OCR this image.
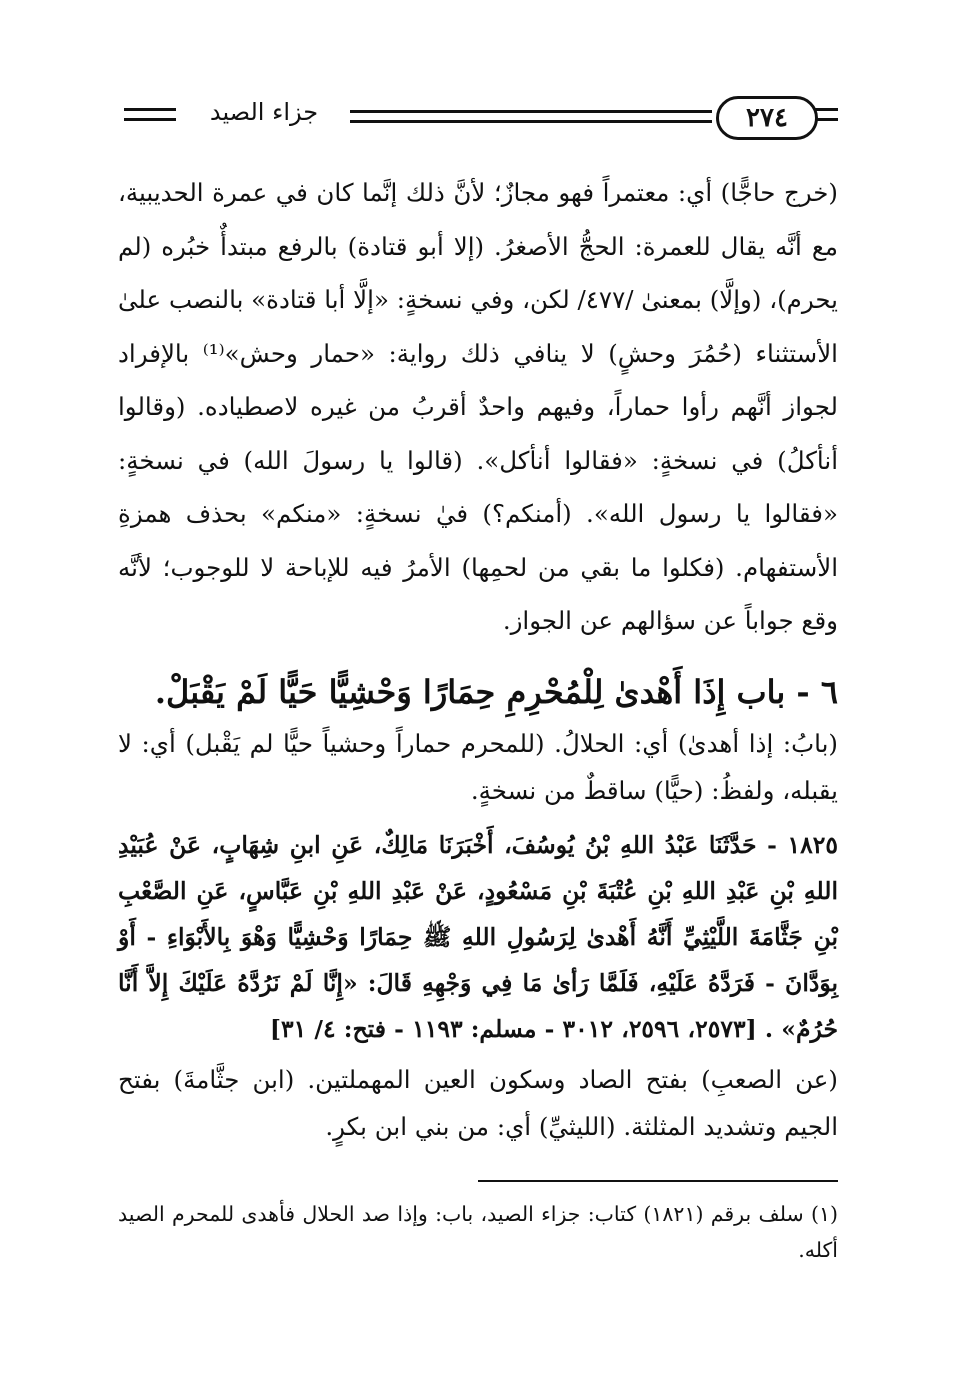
جزاء الصيد	٢٧٤
(خرج حاجًّا) أي: معتمراً فهو مجازٌ؛ لأنَّ ذلك إنَّما كان في عمرة الحديبية، مع أنَّه يقال للعمرة: الحجُّ الأصغرُ. (إلا أبو قتادة) بالرفع مبتدأٌ خبُره (لم يحرم)، (وإلَّا) بمعنىٰ /٤٧٧/ لكن، وفي نسخةٍ: «إلَّا أبا قتادة» بالنصب علىٰ الأستثناء (حُمُرَ وحشٍ) لا ينافي ذلك رواية: «حمار وحش»⁽¹⁾ بالإفراد لجواز أنَّهم رأوا حماراً، وفيهم واحدٌ أقربُ من غيره لاصطياده. (وقالوا أنأكلُ) في نسخةٍ: «فقالوا أنأكل». (قالوا يا رسولَ الله) في نسخةٍ: «فقالوا يا رسول الله». (أمنكم؟) فيٰ نسخةٍ: «منكم» بحذف همزةِ الأستفهام. (فكلوا ما بقي من لحمِها) الأمرُ فيه للإباحة لا للوجوب؛ لأنَّه وقع جواباً عن سؤالهم عن الجواز.
٦ - باب إِذَا أَهْدىٰ لِلْمُحْرِمِ حِمَارًا وَحْشِيًّا حَيًّا لَمْ يَقْبَلْ.
(بابُ: إذا أهدىٰ) أي: الحلالُ. (للمحرم حماراً وحشياً حيًّا لم يَقْبل) أي: لا يقبله، ولفظُ: (حيًّا) ساقطٌ من نسخةٍ.
١٨٢٥ - حَدَّثَنَا عَبْدُ اللهِ بْنُ يُوسُفَ، أَخْبَرَنَا مَالِكٌ، عَنِ ابنِ شِهَابٍ، عَنْ عُبَيْدِ اللهِ بْنِ عَبْدِ اللهِ بْنِ عُتْبَةَ بْنِ مَسْعُودٍ، عَنْ عَبْدِ اللهِ بْنِ عَبَّاسٍ، عَنِ الصَّعْبِ بْنِ جَثَّامَةَ اللَّيْثِيِّ أَنَّهُ أَهْدىٰ لِرَسُولِ اللهِ ﷺ حِمَارًا وَحْشِيًّا وَهْوَ بِالأَبْوَاءِ - أَوْ بِوَدَّانَ - فَرَدَّهُ عَلَيْهِ، فَلَمَّا رَأىٰ مَا فِي وَجْهِهِ قَالَ: «إِنَّا لَمْ نَرُدَّهُ عَلَيْكَ إِلاَّ أَنَّا حُرُمٌ» . [٢٥٧٣، ٢٥٩٦، ٣٠١٢ - مسلم: ١١٩٣ - فتح: ٤/ ٣١]
(عن الصعبِ) بفتح الصاد وسكون العين المهملتين. (ابن جثَّامةَ) بفتح الجيم وتشديد المثلثة. (الليثيِّ) أي: من بني ابن بكرٍ.
(١) سلف برقم (١٨٢١) كتاب: جزاء الصيد، باب: وإذا صد الحلال فأهدى للمحرم الصيد أكله.
